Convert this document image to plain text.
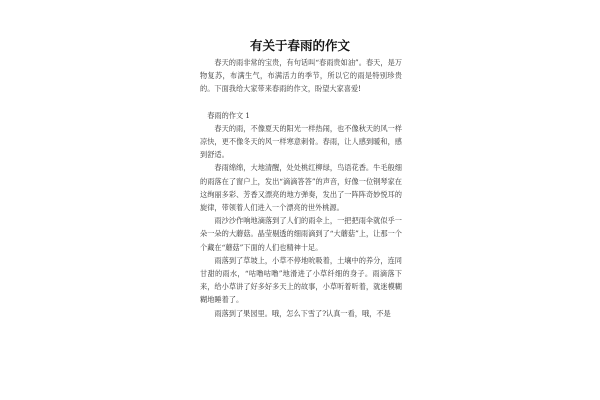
有关于春雨的作文

春天的雨非常的宝贵，有句话叫“春雨贵如油”。春天，是万物复苏，布满生气，布满活力的季节，所以它的雨是特别珍贵的。下面我给大家带来春雨的作文，盼望大家喜爱!

春雨的作文 1

春天的雨，不像夏天的阳光一样热闹，也不像秋天的风一样凉快，更不像冬天的风一样寒意刺骨。春雨，让人感到暖和，感到舒适。

春雨绵绵，大地清醒，处处桃红柳绿，鸟语花香。牛毛般细的雨落在了窗户上，发出“滴滴答答”的声音，好像一位钢琴家在这绚丽多彩、芳香又漂亮的地方弹奏，发出了一阵阵奇妙悦耳的旋律，带领着人们进入一个漂亮的世外桃源。

雨沙沙作响地滴落到了人们的雨伞上，一把把雨伞就似乎一朵一朵的大蘑菇。晶莹剔透的细雨滴到了“大蘑菇”上，让那一个个藏在“蘑菇”下面的人们也精神十足。

雨落到了草坡上，小草不停地吮吸着，土壤中的养分，连同甘甜的雨水，“咕噜咕噜”地滑进了小草纤细的身子。雨滴落下来，给小草讲了好多好多天上的故事，小草听着听着，就迷模糊糊地睡着了。

雨落到了果园里。哦，怎么下雪了?认真一看，哦，不是
